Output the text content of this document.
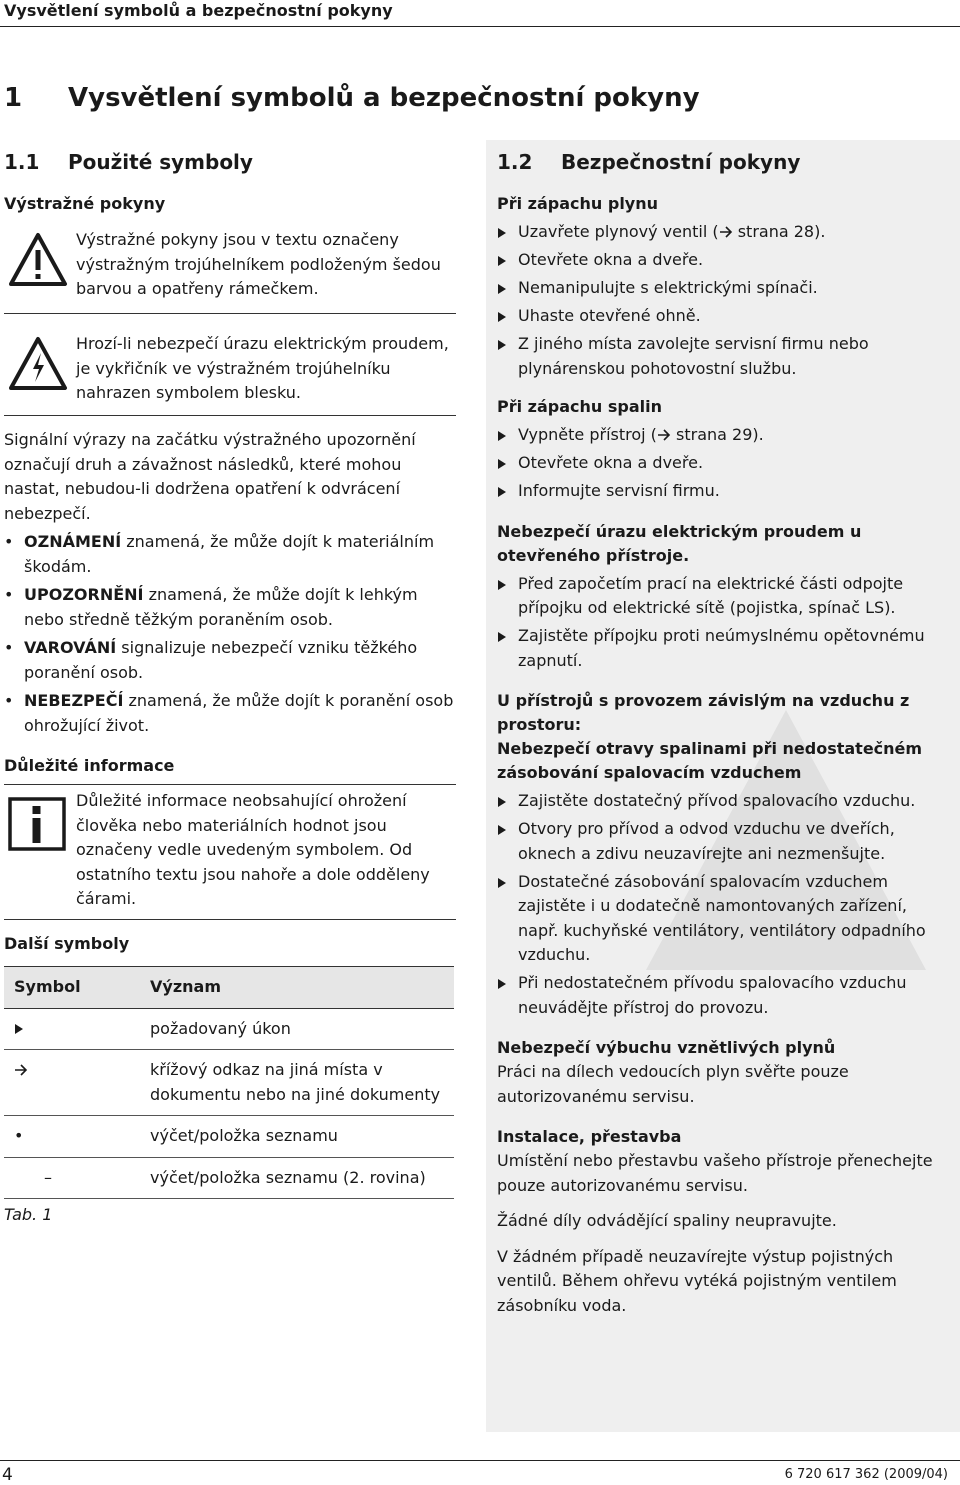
Vysvětlení symbolů a bezpečnostní pokyny
1 Vysvětlení symbolů a bezpečnostní pokyny
1.1 Použité symboly

Výstražné pokyny

Výstražné pokyny jsou v textu označeny výstražným trojúhelníkem podloženým šedou barvou a opatřeny rámečkem.

Hrozí-li nebezpečí úrazu elektrickým proudem, je vykřičník ve výstražném trojúhelníku nahrazen symbolem blesku.

Signální výrazy na začátku výstražného upozornění označují druh a závažnost následků, které mohou nastat, nebudou-li dodržena opatření k odvrácení nebezpečí.

• OZNÁMENÍ znamená, že může dojít k materiálním škodám.
• UPOZORNĚNÍ znamená, že může dojít k lehkým nebo středně těžkým poraněním osob.
• VAROVÁNÍ signalizuje nebezpečí vzniku těžkého poranění osob.
• NEBEZPEČÍ znamená, že může dojít k poranění osob ohrožující život.

Důležité informace

Důležité informace neobsahující ohrožení člověka nebo materiálních hodnot jsou označeny vedle uvedeným symbolem. Od ostatního textu jsou nahoře a dole odděleny čárami.

Další symboly

Symbol	Význam
	požadovaný úkon
	křížový odkaz na jiná místa v dokumentu nebo na jiné dokumenty
•	výčet/položka seznamu
–	výčet/položka seznamu (2. rovina)

Tab. 1

1.2 Bezpečnostní pokyny

Při zápachu plynu

Uzavřete plynový ventil ( strana 28).
Otevřete okna a dveře.
Nemanipulujte s elektrickými spínači.
Uhaste otevřené ohně.
Z jiného místa zavolejte servisní firmu nebo plynárenskou pohotovostní službu.

Při zápachu spalin

Vypněte přístroj ( strana 29).
Otevřete okna a dveře.
Informujte servisní firmu.

Nebezpečí úrazu elektrickým proudem u otevřeného přístroje.

Před započetím prací na elektrické části odpojte přípojku od elektrické sítě (pojistka, spínač LS).
Zajistěte přípojku proti neúmyslnému opětovnému zapnutí.

U přístrojů s provozem závislým na vzduchu z prostoru:

Nebezpečí otravy spalinami při nedostatečném zásobování spalovacím vzduchem

Zajistěte dostatečný přívod spalovacího vzduchu.
Otvory pro přívod a odvod vzduchu ve dveřích, oknech a zdivu neuzavírejte ani nezmenšujte.
Dostatečné zásobování spalovacím vzduchem zajistěte i u dodatečně namontovaných zařízení, např. kuchyňské ventilátory, ventilátory odpadního vzduchu.
Při nedostatečném přívodu spalovacího vzduchu neuvádějte přístroj do provozu.

Nebezpečí výbuchu vznětlivých plynů

Práci na dílech vedoucích plyn svěřte pouze autorizovanému servisu.

Instalace, přestavba

Umístění nebo přestavbu vašeho přístroje přenechejte pouze autorizovanému servisu.

Žádné díly odvádějící spaliny neupravujte.

V žádném případě neuzavírejte výstup pojistných ventilů. Během ohřevu vytéká pojistným ventilem zásobníku voda.

4	6 720 617 362 (2009/04)
